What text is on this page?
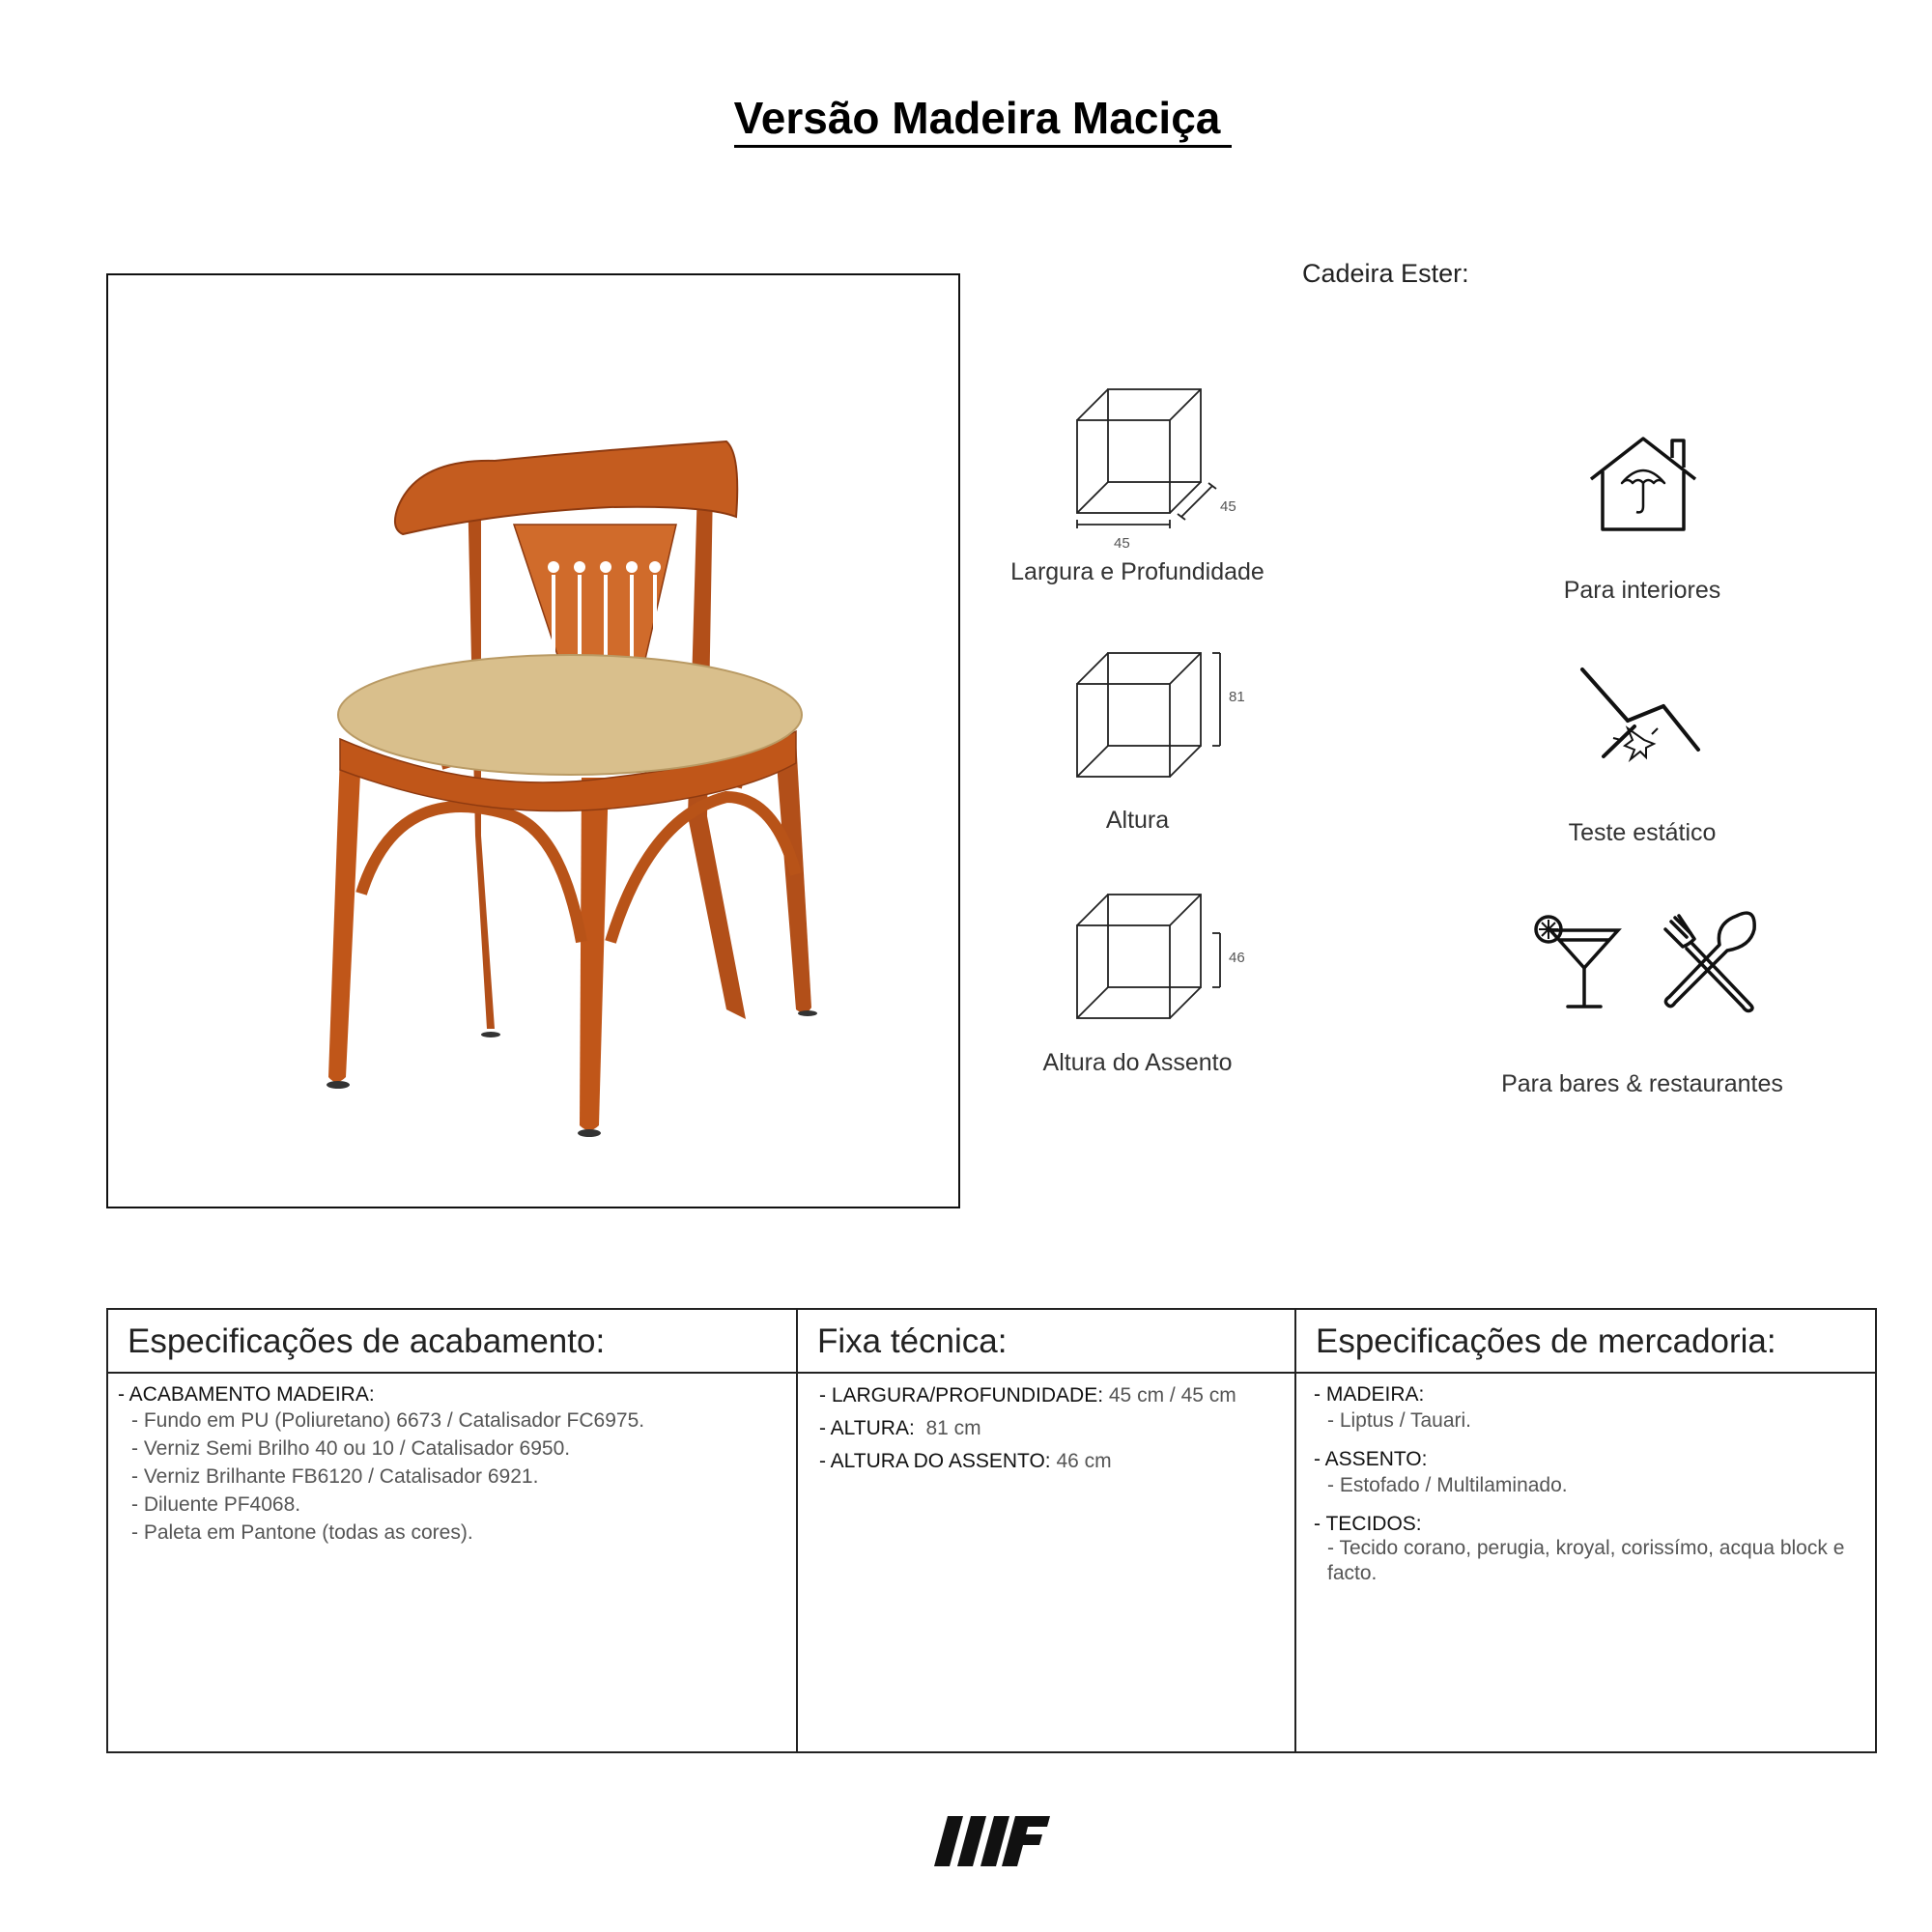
Versão Madeira Maciça
Cadeira Ester:
45
45
Largura e Profundidade
81
Altura
46
Altura do Assento
Para interiores
Teste estático
Para bares & restaurantes
Especificações de acabamento:
- ACABAMENTO MADEIRA:
- Fundo em PU (Poliuretano) 6673 / Catalisador FC6975.
- Verniz Semi Brilho 40 ou 10 / Catalisador 6950.
- Verniz Brilhante FB6120 / Catalisador 6921.
- Diluente PF4068.
- Paleta em Pantone (todas as cores).
Fixa técnica:
- LARGURA/PROFUNDIDADE: 45 cm / 45 cm
- ALTURA: 81 cm
- ALTURA DO ASSENTO: 46 cm
Especificações de mercadoria:
- MADEIRA:
- Liptus / Tauari.
- ASSENTO:
- Estofado / Multilaminado.
- TECIDOS:
- Tecido corano, perugia, kroyal, corissímo, acqua block e facto.
